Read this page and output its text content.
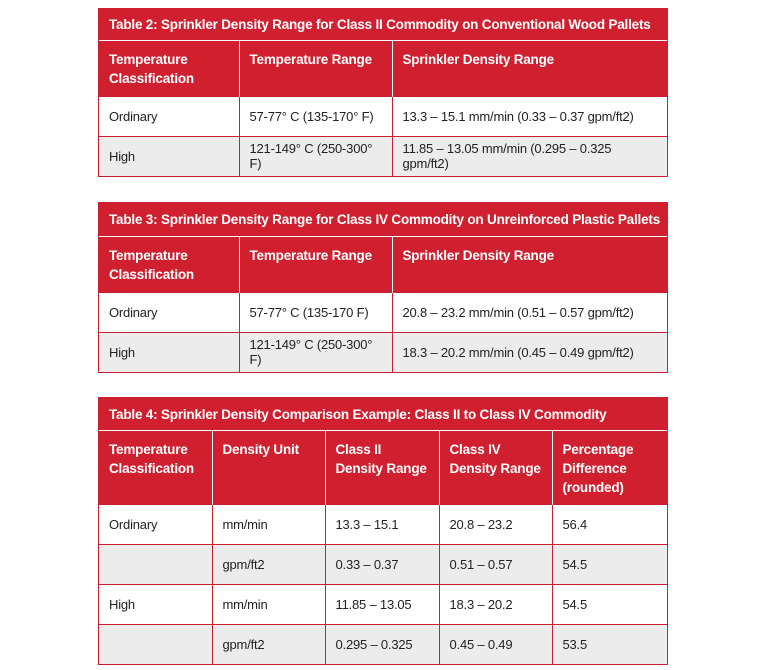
Table 2: Sprinkler Density Range for Class II Commodity on Conventional Wood Pallets
Temperature Classification	Temperature Range	Sprinkler Density Range
Ordinary	57-77° C (135-170° F)	13.3 – 15.1 mm/min (0.33 – 0.37 gpm/ft2)
High	121-149° C (250-300° F)	11.85 – 13.05 mm/min (0.295 – 0.325 gpm/ft2)
Table 3: Sprinkler Density Range for Class IV Commodity on Unreinforced Plastic Pallets
Temperature Classification	Temperature Range	Sprinkler Density Range
Ordinary	57-77° C (135-170 F)	20.8 – 23.2 mm/min (0.51 – 0.57 gpm/ft2)
High	121-149° C (250-300° F)	18.3 – 20.2 mm/min (0.45 – 0.49 gpm/ft2)
Table 4: Sprinkler Density Comparison Example: Class II to Class IV Commodity
Temperature Classification	Density Unit	Class II Density Range	Class IV Density Range	Percentage Difference (rounded)
Ordinary	mm/min	13.3 – 15.1	20.8 – 23.2	56.4
	gpm/ft2	0.33 – 0.37	0.51 – 0.57	54.5
High	mm/min	11.85 – 13.05	18.3 – 20.2	54.5
	gpm/ft2	0.295 – 0.325	0.45 – 0.49	53.5
